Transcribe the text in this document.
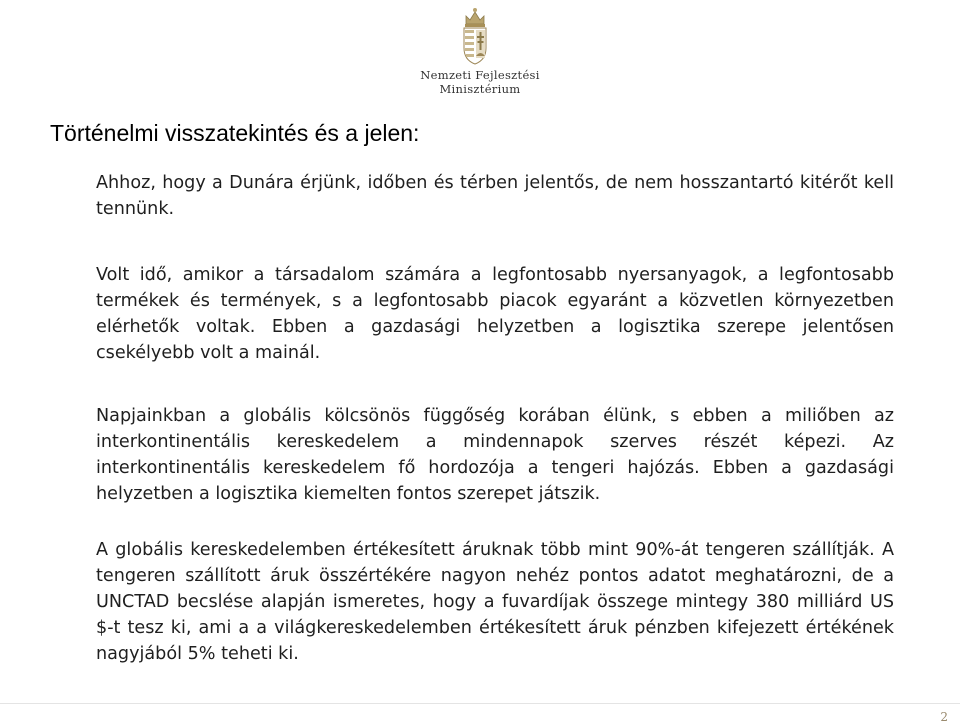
Nemzeti Fejlesztési
Minisztérium
Történelmi visszatekintés és a jelen:

Ahhoz, hogy a Dunára érjünk, időben és térben jelentős, de nem hosszantartó kitérőt kell tennünk.

Volt idő, amikor a társadalom számára a legfontosabb nyersanyagok, a legfontosabb termékek és termények, s a legfontosabb piacok egyaránt a közvetlen környezetben elérhetők voltak. Ebben a gazdasági helyzetben a logisztika szerepe jelentősen csekélyebb volt a mainál.

Napjainkban a globális kölcsönös függőség korában élünk, s ebben a miliőben az interkontinentális kereskedelem a mindennapok szerves részét képezi. Az interkontinentális kereskedelem fő hordozója a tengeri hajózás. Ebben a gazdasági helyzetben a logisztika kiemelten fontos szerepet játszik.

A globális kereskedelemben értékesített áruknak több mint 90%-át tengeren szállítják. A tengeren szállított áruk összértékére nagyon nehéz pontos adatot meghatározni, de a UNCTAD becslése alapján ismeretes, hogy a fuvardíjak összege mintegy 380 milliárd US $-t tesz ki, ami a a világkereskedelemben értékesített áruk pénzben kifejezett értékének nagyjából 5% teheti ki.

2
